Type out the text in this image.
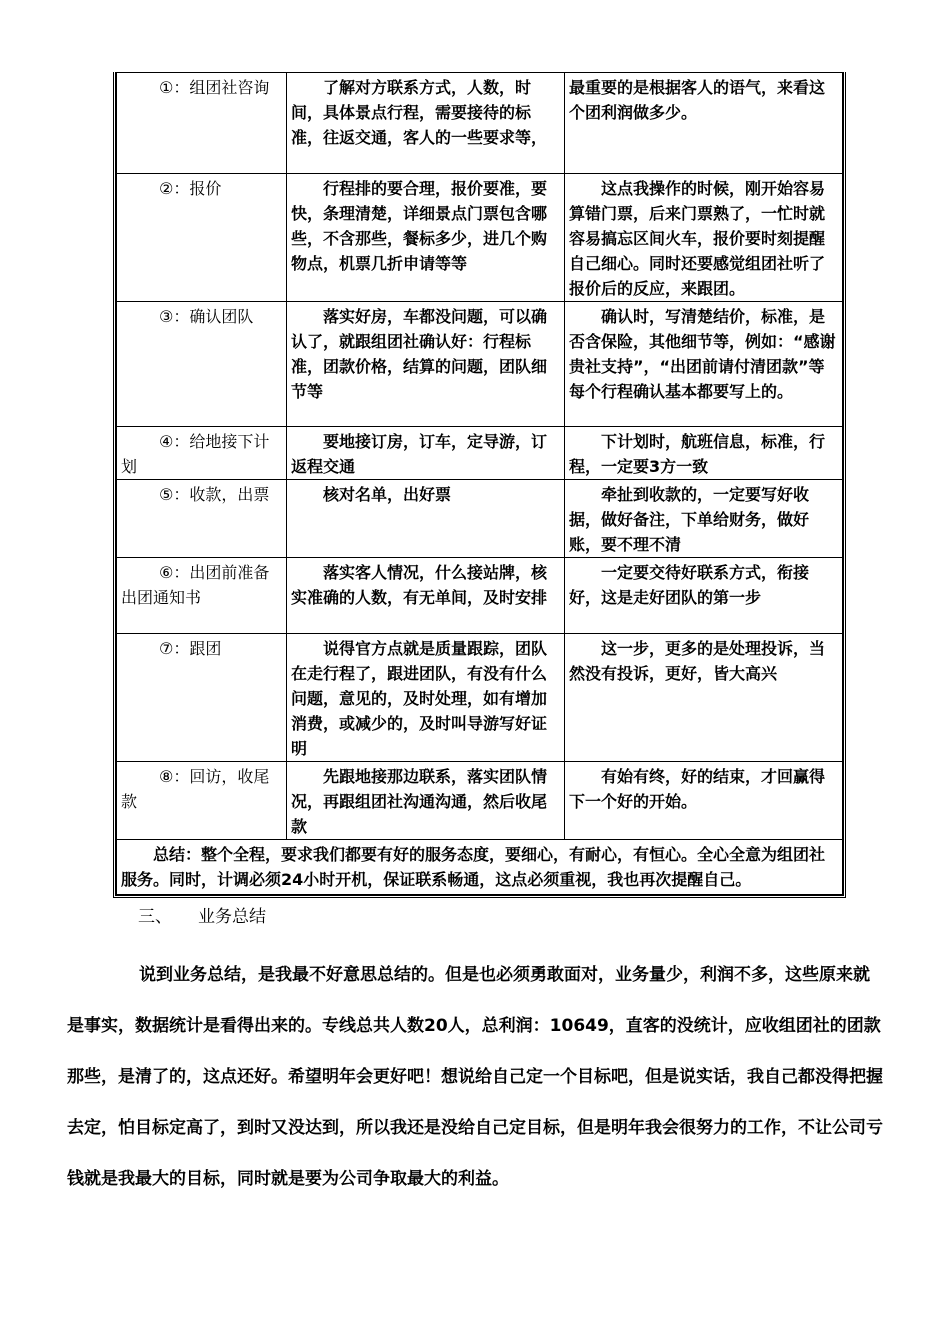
①：组团社咨询	了解对方联系方式，人数，时间，具体景点行程，需要接待的标准，往返交通，客人的一些要求等，	最重要的是根据客人的语气，来看这个团利润做多少。
②：报价	行程排的要合理，报价要准，要快，条理清楚，详细景点门票包含哪些，不含那些，餐标多少，进几个购物点，机票几折申请等等	这点我操作的时候，刚开始容易算错门票，后来门票熟了，一忙时就容易搞忘区间火车，报价要时刻提醒自己细心。同时还要感觉组团社听了报价后的反应，来跟团。
③：确认团队	落实好房，车都没问题，可以确认了，就跟组团社确认好：行程标准，团款价格，结算的问题，团队细节等	确认时，写清楚结价，标准，是否含保险，其他细节等，例如：“感谢贵社支持”，“出团前请付清团款”等每个行程确认基本都要写上的。
④：给地接下计划	要地接订房，订车，定导游，订返程交通	下计划时，航班信息，标准，行程，一定要3方一致
⑤：收款，出票	核对名单，出好票	牵扯到收款的，一定要写好收据，做好备注，下单给财务，做好账，要不理不清
⑥：出团前准备出团通知书	落实客人情况，什么接站牌，核实准确的人数，有无单间，及时安排	一定要交待好联系方式，衔接好，这是走好团队的第一步
⑦：跟团	说得官方点就是质量跟踪，团队在走行程了，跟进团队，有没有什么问题，意见的，及时处理，如有增加消费，或减少的，及时叫导游写好证明	这一步，更多的是处理投诉，当然没有投诉，更好，皆大高兴
⑧：回访，收尾款	先跟地接那边联系，落实团队情况，再跟组团社沟通沟通，然后收尾款	有始有终，好的结束，才回赢得下一个好的开始。
总结：整个全程，要求我们都要有好的服务态度，要细心，有耐心，有恒心。全心全意为组团社服务。同时，计调必须24小时开机，保证联系畅通，这点必须重视，我也再次提醒自己。		
三、 业务总结

说到业务总结，是我最不好意思总结的。但是也必须勇敢面对，业务量少，利润不多，这些原来就是事实，数据统计是看得出来的。专线总共人数20人，总利润：10649，直客的没统计，应收组团社的团款那些，是清了的，这点还好。希望明年会更好吧！想说给自己定一个目标吧，但是说实话，我自己都没得把握去定，怕目标定高了，到时又没达到，所以我还是没给自己定目标，但是明年我会很努力的工作，不让公司亏钱就是我最大的目标，同时就是要为公司争取最大的利益。
